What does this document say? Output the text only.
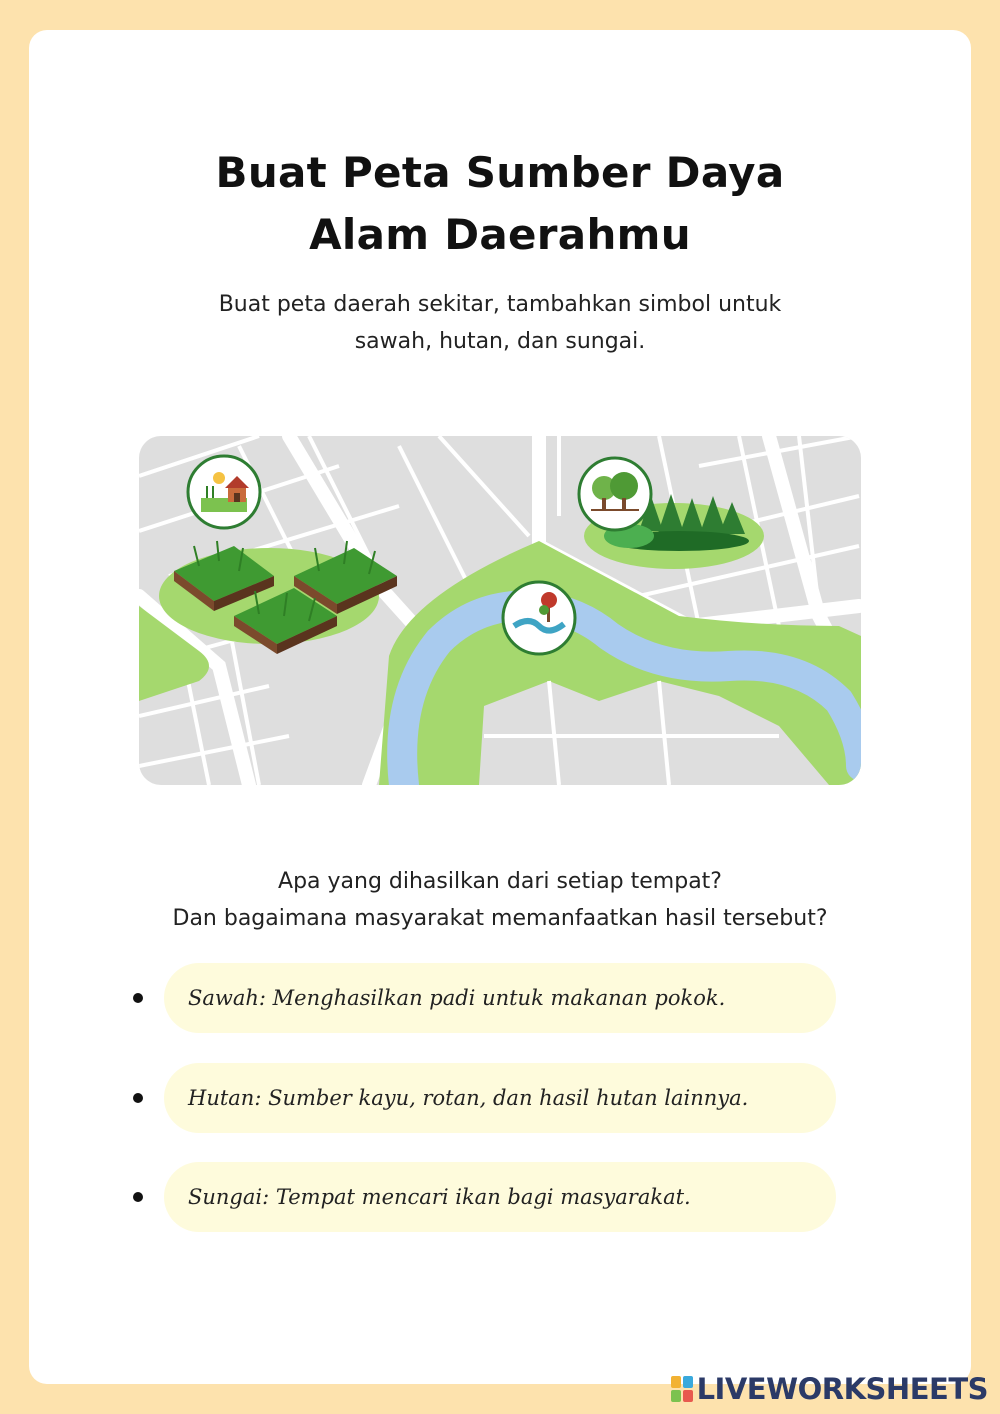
Buat Peta Sumber Daya
Alam Daerahmu
Buat peta daerah sekitar, tambahkan simbol untuk
sawah, hutan, dan sungai.
Apa yang dihasilkan dari setiap tempat?
Dan bagaimana masyarakat memanfaatkan hasil tersebut?
Sawah: Menghasilkan padi untuk makanan pokok.
Hutan: Sumber kayu, rotan, dan hasil hutan lainnya.
Sungai: Tempat mencari ikan bagi masyarakat.
LIVEWORKSHEETS
